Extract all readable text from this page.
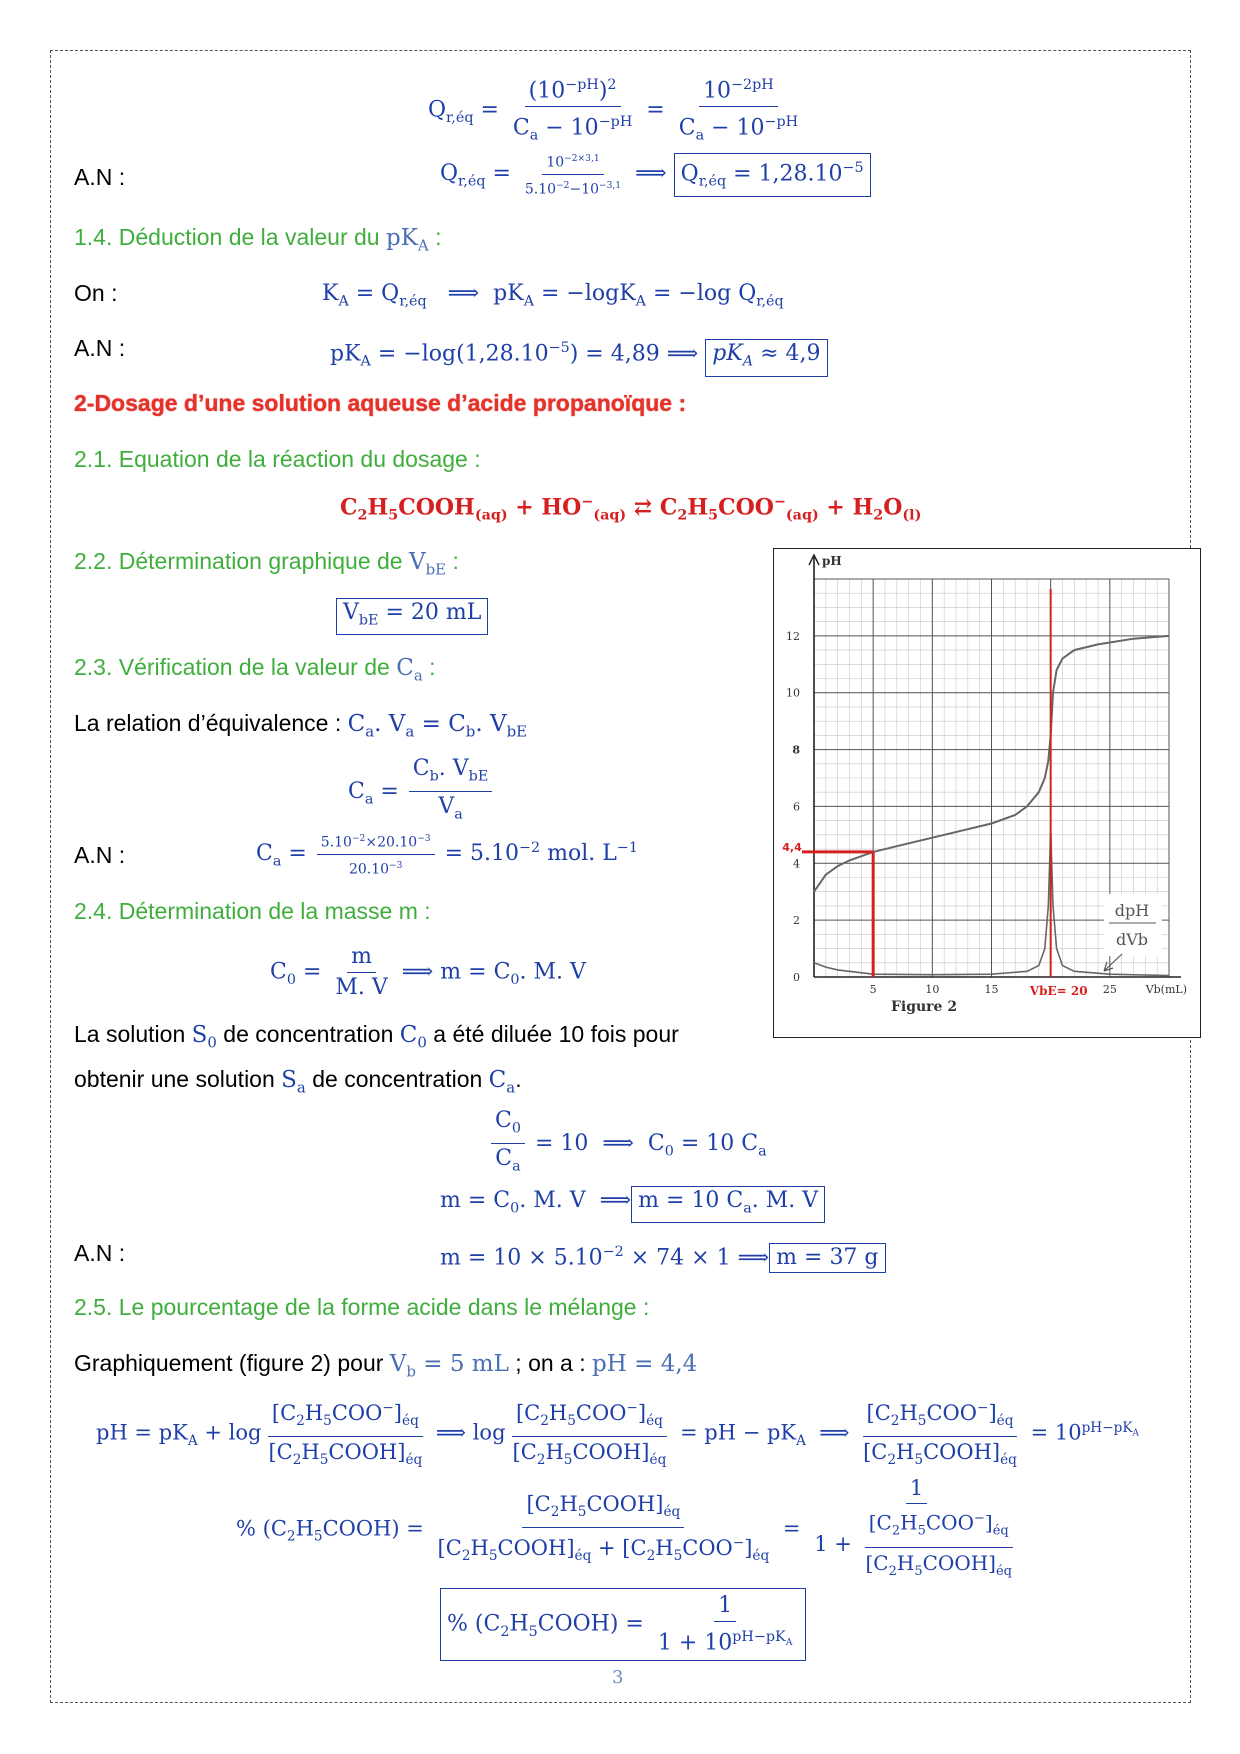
$Q_{r,éq} = \frac{(10^{-pH})^2}{C_a - 10^{-pH}} = \frac{10^{-2pH}}{C_a - 10^{-pH}}$
A.N :	$Q_{r,éq} = \frac{10^{-2\times 3,1}}{5.10^{-2}-10^{-3,1}}$ ⟹ $Q_{r,éq} = 1,28.10^{-5}$
1.4. Déduction de la valeur du $pK_A$ :
On :	$K_A = Q_{r,éq}$   ⟹  $pK_A = -\log K_A = -\log$ $Q_{r,éq}$
A.N :	$pK_A = -\log(1,28.10^{-5}) = 4,89$ ⟹ $pK_A \approx 4,9$
2-Dosage d’une solution aqueuse d’acide propanoïque :
2.1. Equation de la réaction du dosage :
$C_2H_5COOH_{(aq)} + HO^-_{(aq)}$ ⇄ $C_2H_5COO^-_{(aq)} + H_2O_{(l)}$
2.2. Détermination graphique de $V_{bE}$ :
$V_{bE} = 20$ mL
2.3. Vérification de la valeur de $C_a$ :
La relation d’équivalence : $C_a$. $V_a = C_b$. $V_{bE}$
$C_a = \frac{C_b. V_{bE}}{V_a}$
A.N :	$C_a = \frac{5.10^{-2}\times 20.10^{-3}}{20.10^{-3}} = 5.10^{-2}$ mol. $L^{-1}$
2.4. Détermination de la masse m :
$C_0 = \frac{m}{M. V}$ ⟹ $m = C_0$. M. V
La solution $S_0$ de concentration $C_0$ a été diluée 10 fois pour
obtenir une solution $S_a$ de concentration $C_a$.
$\frac{C_0}{C_a} = 10$  ⟹  $C_0 = 10$ $C_a$
$m = C_0$. M. V  ⟹ m = 10 $C_a$. M. V
A.N :	$m = 10 \times 5.10^{-2} \times 74 \times 1$ ⟹ m = 37 g
2.5. Le pourcentage de la forme acide dans le mélange :
Graphiquement (figure 2) pour $V_b = 5$ mL ; on a : pH = 4,4
pH = $pK_A + \log \frac{[C_2H_5COO^-]_{éq}}{[C_2H_5COOH]_{éq}}$ ⟹ $\log \frac{[C_2H_5COO^-]_{éq}}{[C_2H_5COOH]_{éq}}$ = pH − $pK_A$  ⟹ $\frac{[C_2H_5COO^-]_{éq}}{[C_2H_5COOH]_{éq}} = 10^{pH-pK_A}$
% $(C_2H_5COOH) = \frac{[C_2H_5COOH]_{éq}}{[C_2H_5COOH]_{éq} + [C_2H_5COO^-]_{éq}} = \frac{1}{1 + \frac{[C_2H_5COO^-]_{éq}}{[C_2H_5COOH]_{éq}}}$
% $(C_2H_5COOH) = \frac{1}{1 + 10^{pH-pK_A}}$
0
2
4
6
8
10
12
5	10	15	25
pH
Vb(mL)
Figure 2
4,4
VbE= 20
dpH
dVb
3
